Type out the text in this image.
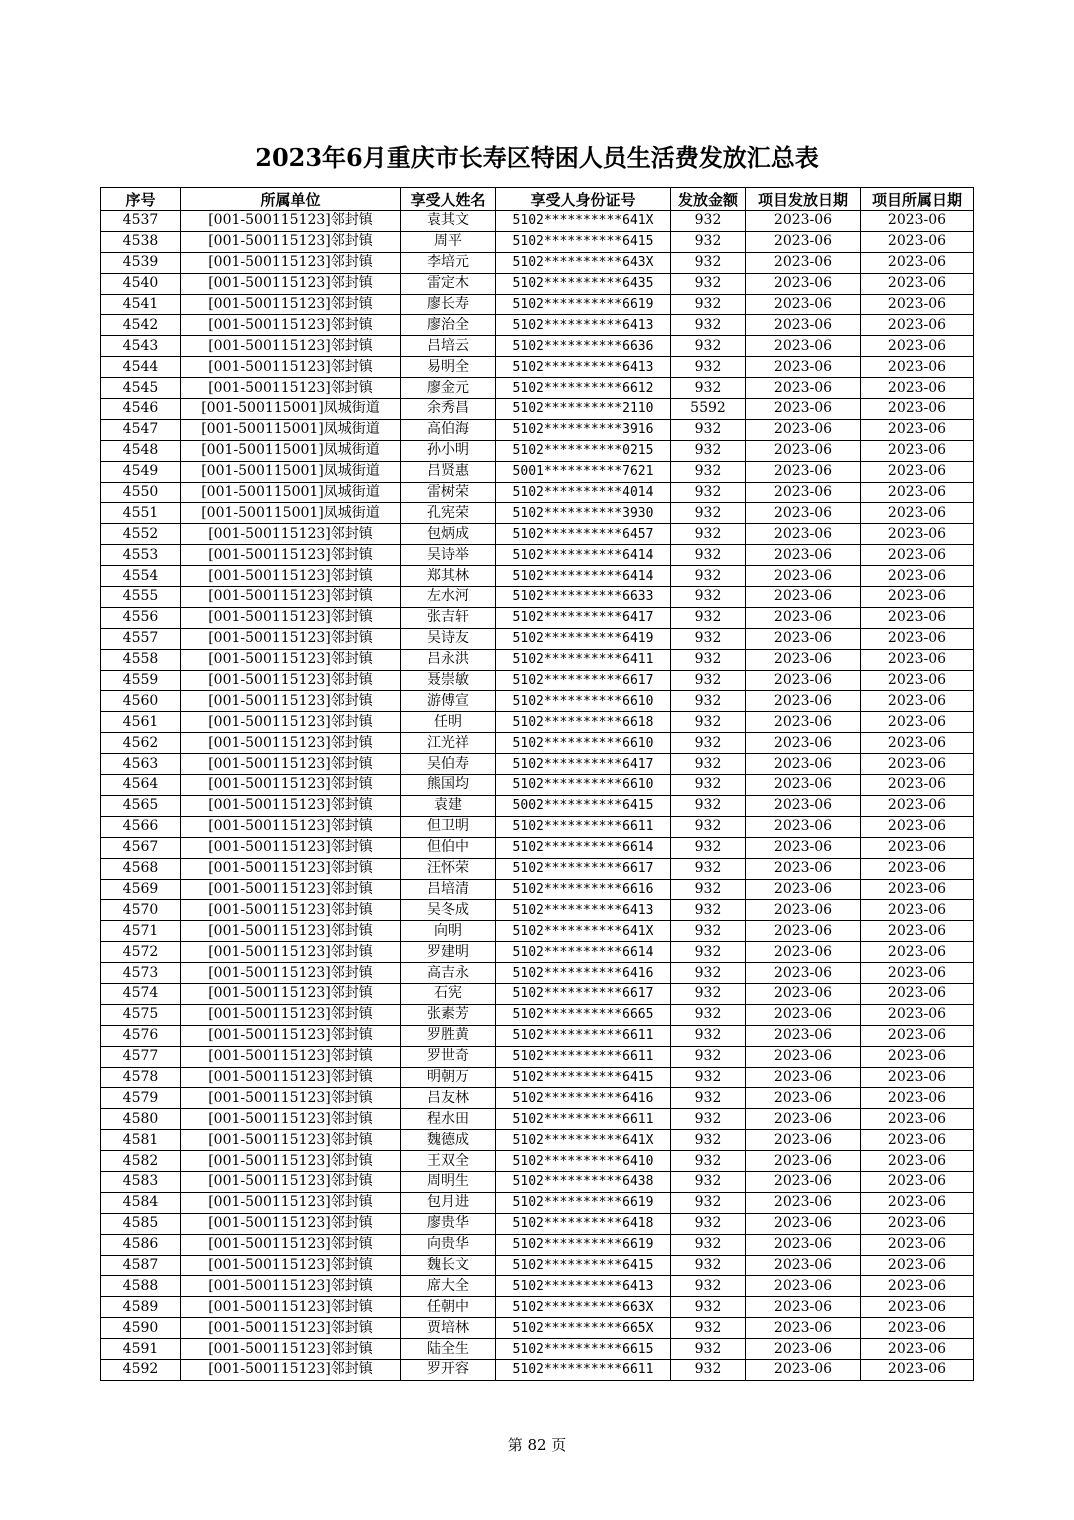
2023年6月重庆市长寿区特困人员生活费发放汇总表
序号	所属单位	享受人姓名	享受人身份证号	发放金额	项目发放日期	项目所属日期
4537	[001-500115123]邻封镇	袁其文	5102**********641X	932	2023-06	2023-06
4538	[001-500115123]邻封镇	周平	5102**********6415	932	2023-06	2023-06
4539	[001-500115123]邻封镇	李培元	5102**********643X	932	2023-06	2023-06
4540	[001-500115123]邻封镇	雷定木	5102**********6435	932	2023-06	2023-06
4541	[001-500115123]邻封镇	廖长寿	5102**********6619	932	2023-06	2023-06
4542	[001-500115123]邻封镇	廖治全	5102**********6413	932	2023-06	2023-06
4543	[001-500115123]邻封镇	吕培云	5102**********6636	932	2023-06	2023-06
4544	[001-500115123]邻封镇	易明全	5102**********6413	932	2023-06	2023-06
4545	[001-500115123]邻封镇	廖金元	5102**********6612	932	2023-06	2023-06
4546	[001-500115001]凤城街道	余秀昌	5102**********2110	5592	2023-06	2023-06
4547	[001-500115001]凤城街道	高伯海	5102**********3916	932	2023-06	2023-06
4548	[001-500115001]凤城街道	孙小明	5102**********0215	932	2023-06	2023-06
4549	[001-500115001]凤城街道	吕贤惠	5001**********7621	932	2023-06	2023-06
4550	[001-500115001]凤城街道	雷树荣	5102**********4014	932	2023-06	2023-06
4551	[001-500115001]凤城街道	孔宪荣	5102**********3930	932	2023-06	2023-06
4552	[001-500115123]邻封镇	包炳成	5102**********6457	932	2023-06	2023-06
4553	[001-500115123]邻封镇	吴诗举	5102**********6414	932	2023-06	2023-06
4554	[001-500115123]邻封镇	郑其林	5102**********6414	932	2023-06	2023-06
4555	[001-500115123]邻封镇	左水河	5102**********6633	932	2023-06	2023-06
4556	[001-500115123]邻封镇	张吉轩	5102**********6417	932	2023-06	2023-06
4557	[001-500115123]邻封镇	吴诗友	5102**********6419	932	2023-06	2023-06
4558	[001-500115123]邻封镇	吕永洪	5102**********6411	932	2023-06	2023-06
4559	[001-500115123]邻封镇	聂崇敏	5102**********6617	932	2023-06	2023-06
4560	[001-500115123]邻封镇	游傅宣	5102**********6610	932	2023-06	2023-06
4561	[001-500115123]邻封镇	任明	5102**********6618	932	2023-06	2023-06
4562	[001-500115123]邻封镇	江光祥	5102**********6610	932	2023-06	2023-06
4563	[001-500115123]邻封镇	吴伯寿	5102**********6417	932	2023-06	2023-06
4564	[001-500115123]邻封镇	熊国均	5102**********6610	932	2023-06	2023-06
4565	[001-500115123]邻封镇	袁建	5002**********6415	932	2023-06	2023-06
4566	[001-500115123]邻封镇	但卫明	5102**********6611	932	2023-06	2023-06
4567	[001-500115123]邻封镇	但伯中	5102**********6614	932	2023-06	2023-06
4568	[001-500115123]邻封镇	汪怀荣	5102**********6617	932	2023-06	2023-06
4569	[001-500115123]邻封镇	吕培清	5102**********6616	932	2023-06	2023-06
4570	[001-500115123]邻封镇	吴冬成	5102**********6413	932	2023-06	2023-06
4571	[001-500115123]邻封镇	向明	5102**********641X	932	2023-06	2023-06
4572	[001-500115123]邻封镇	罗建明	5102**********6614	932	2023-06	2023-06
4573	[001-500115123]邻封镇	高吉永	5102**********6416	932	2023-06	2023-06
4574	[001-500115123]邻封镇	石宪	5102**********6617	932	2023-06	2023-06
4575	[001-500115123]邻封镇	张素芳	5102**********6665	932	2023-06	2023-06
4576	[001-500115123]邻封镇	罗胜黄	5102**********6611	932	2023-06	2023-06
4577	[001-500115123]邻封镇	罗世奇	5102**********6611	932	2023-06	2023-06
4578	[001-500115123]邻封镇	明朝万	5102**********6415	932	2023-06	2023-06
4579	[001-500115123]邻封镇	吕友林	5102**********6416	932	2023-06	2023-06
4580	[001-500115123]邻封镇	程水田	5102**********6611	932	2023-06	2023-06
4581	[001-500115123]邻封镇	魏德成	5102**********641X	932	2023-06	2023-06
4582	[001-500115123]邻封镇	王双全	5102**********6410	932	2023-06	2023-06
4583	[001-500115123]邻封镇	周明生	5102**********6438	932	2023-06	2023-06
4584	[001-500115123]邻封镇	包月进	5102**********6619	932	2023-06	2023-06
4585	[001-500115123]邻封镇	廖贵华	5102**********6418	932	2023-06	2023-06
4586	[001-500115123]邻封镇	向贵华	5102**********6619	932	2023-06	2023-06
4587	[001-500115123]邻封镇	魏长文	5102**********6415	932	2023-06	2023-06
4588	[001-500115123]邻封镇	席大全	5102**********6413	932	2023-06	2023-06
4589	[001-500115123]邻封镇	任朝中	5102**********663X	932	2023-06	2023-06
4590	[001-500115123]邻封镇	贾培林	5102**********665X	932	2023-06	2023-06
4591	[001-500115123]邻封镇	陆全生	5102**********6615	932	2023-06	2023-06
4592	[001-500115123]邻封镇	罗开容	5102**********6611	932	2023-06	2023-06
第 82 页
